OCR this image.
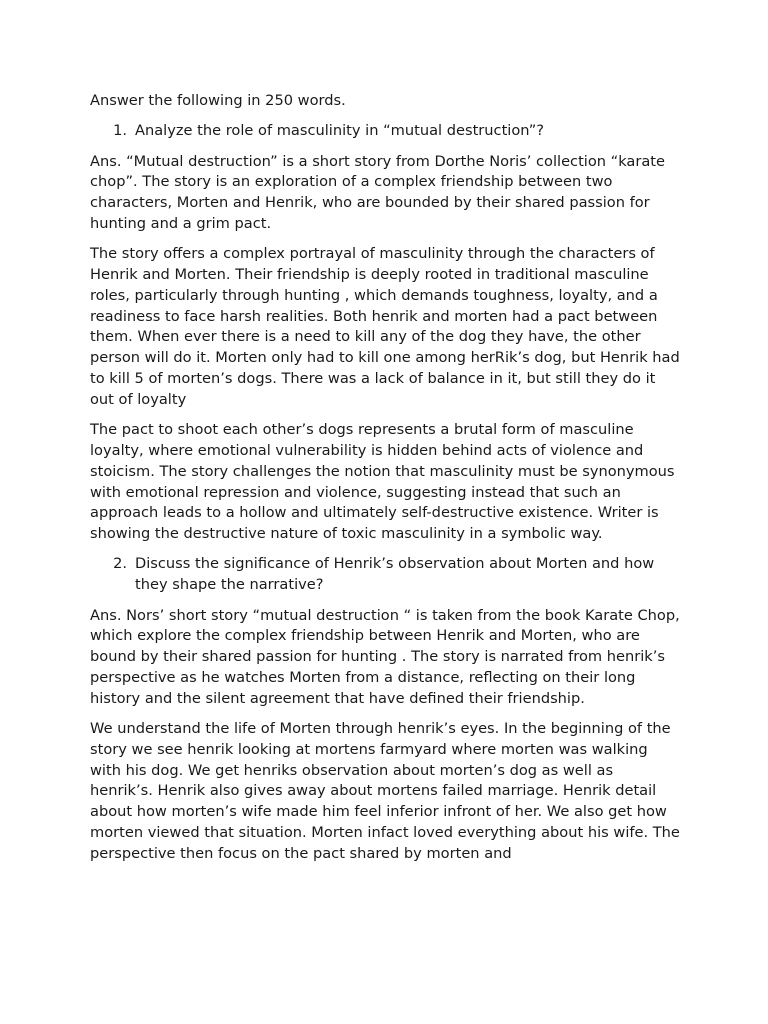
Answer the following in 250 words.

1. Analyze the role of masculinity in “mutual destruction”?

Ans. “Mutual destruction” is a short story from Dorthe Noris’ collection “karate chop”. The story is an exploration of a complex friendship between two characters, Morten and Henrik, who are bounded by their shared passion for hunting and a grim pact.

The story offers a complex portrayal of masculinity through the characters of Henrik and Morten. Their friendship is deeply rooted in traditional masculine roles, particularly through hunting , which demands toughness, loyalty, and a readiness to face harsh realities. Both henrik and morten had a pact between them. When ever there is a need to kill any of the dog they have, the other person will do it. Morten only had to kill one among herRik’s dog, but Henrik had to kill 5 of morten’s dogs. There was a lack of balance in it, but still they do it out of loyalty

The pact to shoot each other’s dogs represents a brutal form of masculine loyalty, where emotional vulnerability is hidden behind acts of violence and stoicism. The story challenges the notion that masculinity must be synonymous with emotional repression and violence, suggesting instead that such an approach leads to a hollow and ultimately self-destructive existence. Writer is showing the destructive nature of toxic masculinity in a symbolic way.

2. Discuss the significance of Henrik’s observation about Morten and how they shape the narrative?

Ans. Nors’ short story “mutual destruction “ is taken from the book Karate Chop, which explore the complex friendship between Henrik and Morten, who are bound by their shared passion for hunting . The story is narrated from henrik’s perspective as he watches Morten from a distance, reflecting on their long history and the silent agreement that have defined their friendship.

We understand the life of Morten through henrik’s eyes. In the beginning of the story we see henrik looking at mortens farmyard where morten was walking with his dog. We get henriks observation about morten’s dog as well as henrik’s. Henrik also gives away about mortens failed marriage. Henrik detail about how morten’s wife made him feel inferior infront of her. We also get how morten viewed that situation. Morten infact loved everything about his wife. The perspective then focus on the pact shared by morten and
